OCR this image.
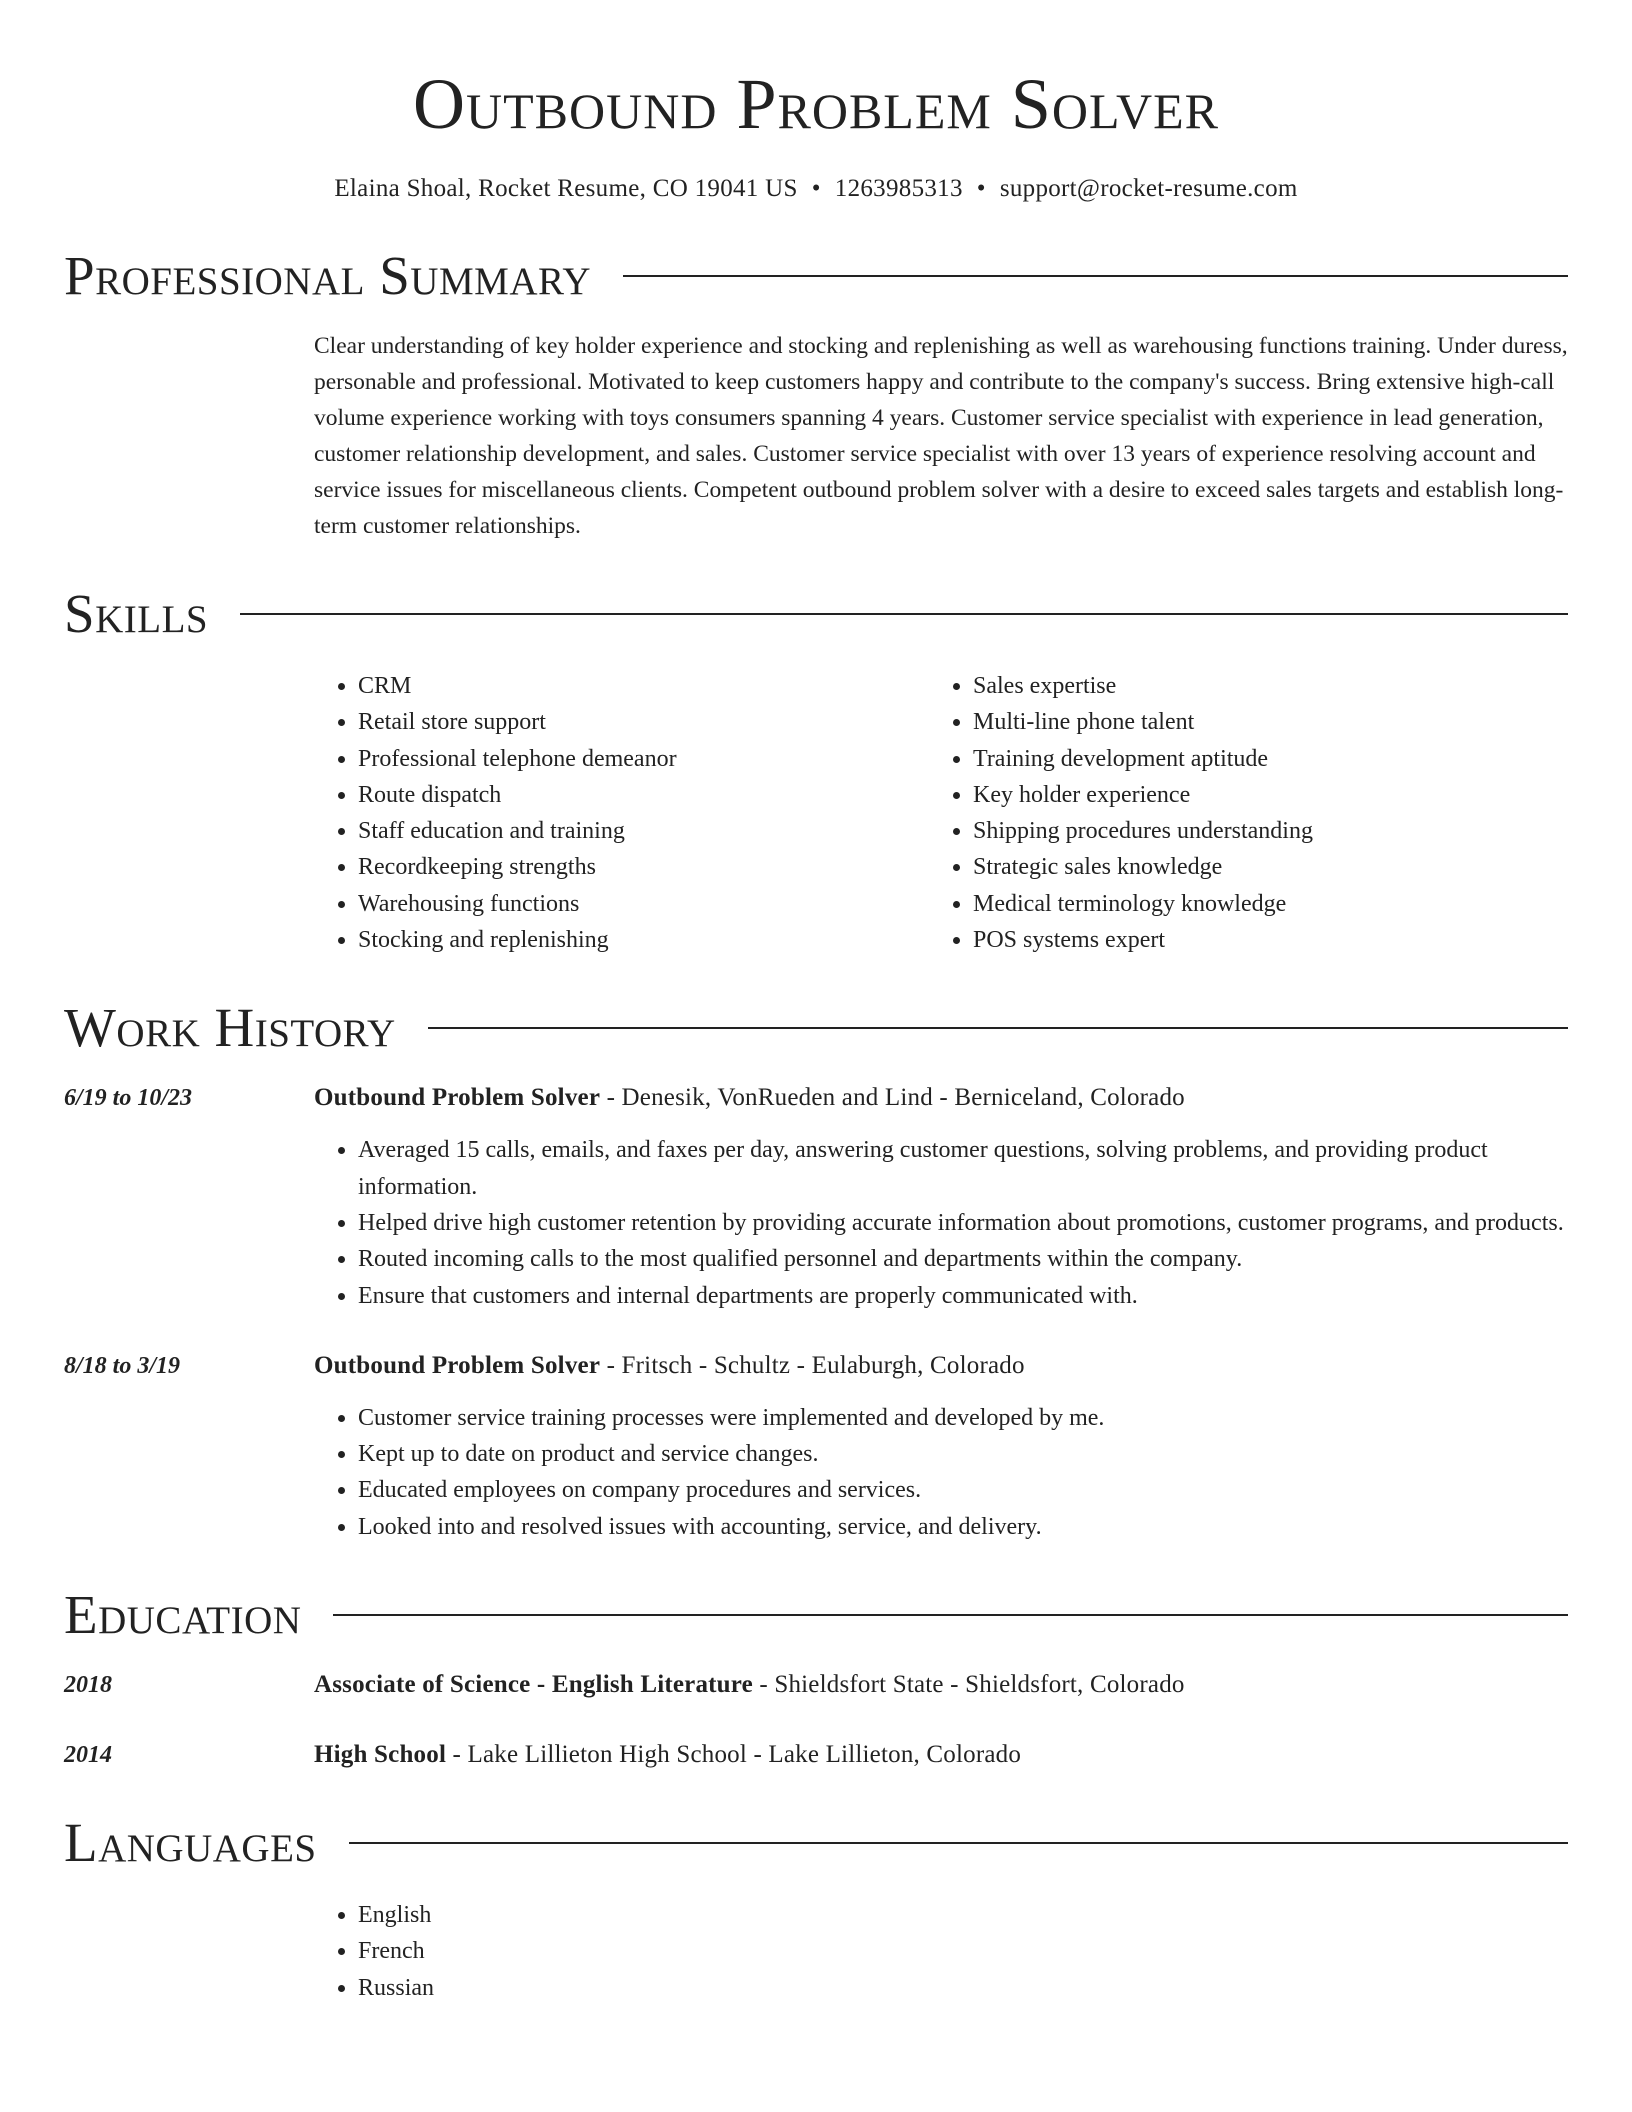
Outbound Problem Solver
Elaina Shoal, Rocket Resume, CO 19041 US • 1263985313 • support@rocket-resume.com
Professional Summary
Clear understanding of key holder experience and stocking and replenishing as well as warehousing functions training. Under duress, personable and professional. Motivated to keep customers happy and contribute to the company's success. Bring extensive high-call volume experience working with toys consumers spanning 4 years. Customer service specialist with experience in lead generation, customer relationship development, and sales. Customer service specialist with over 13 years of experience resolving account and service issues for miscellaneous clients. Competent outbound problem solver with a desire to exceed sales targets and establish long-term customer relationships.
Skills
• CRM
• Retail store support
• Professional telephone demeanor
• Route dispatch
• Staff education and training
• Recordkeeping strengths
• Warehousing functions
• Stocking and replenishing
• Sales expertise
• Multi-line phone talent
• Training development aptitude
• Key holder experience
• Shipping procedures understanding
• Strategic sales knowledge
• Medical terminology knowledge
• POS systems expert
Work History
6/19 to 10/23	Outbound Problem Solver - Denesik, VonRueden and Lind - Berniceland, Colorado
• Averaged 15 calls, emails, and faxes per day, answering customer questions, solving problems, and providing product information.
• Helped drive high customer retention by providing accurate information about promotions, customer programs, and products.
• Routed incoming calls to the most qualified personnel and departments within the company.
• Ensure that customers and internal departments are properly communicated with.
8/18 to 3/19	Outbound Problem Solver - Fritsch - Schultz - Eulaburgh, Colorado
• Customer service training processes were implemented and developed by me.
• Kept up to date on product and service changes.
• Educated employees on company procedures and services.
• Looked into and resolved issues with accounting, service, and delivery.
Education
2018	Associate of Science - English Literature - Shieldsfort State - Shieldsfort, Colorado
2014	High School - Lake Lillieton High School - Lake Lillieton, Colorado
Languages
• English
• French
• Russian
